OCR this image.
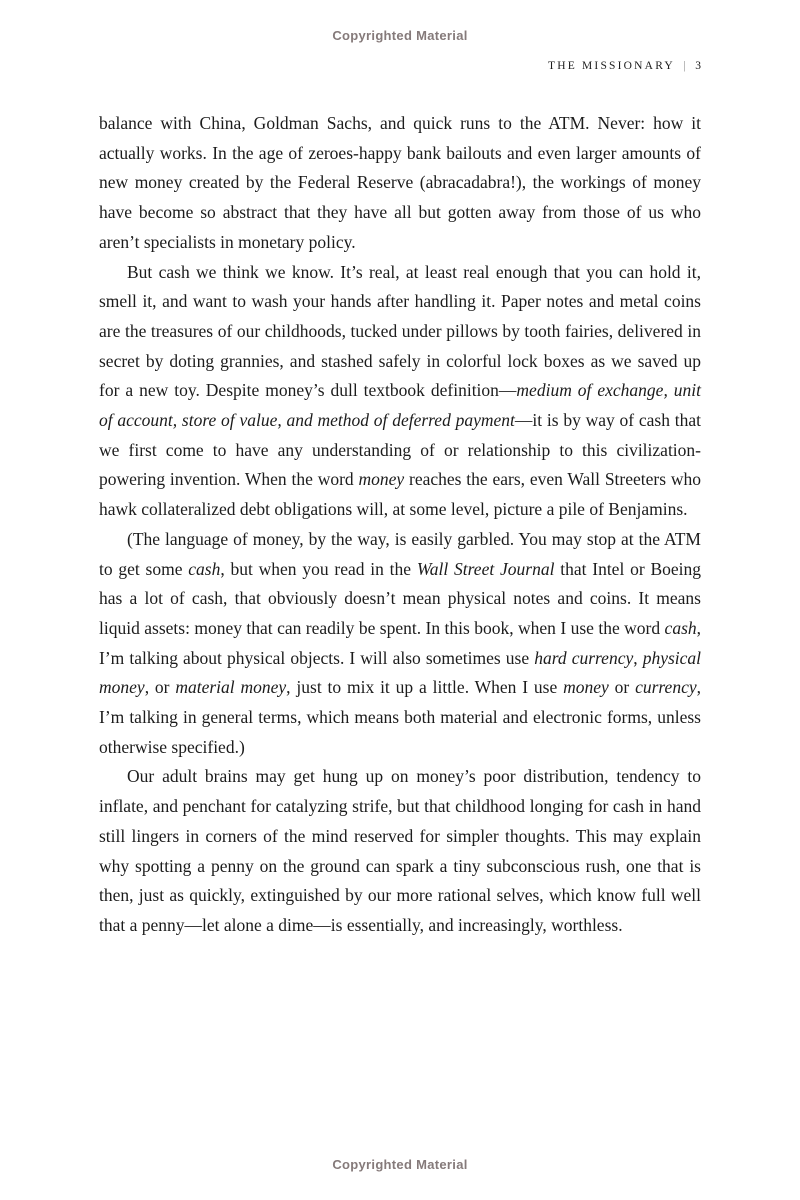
Copyrighted Material
THE MISSIONARY | 3

balance with China, Goldman Sachs, and quick runs to the ATM. Never: how it actually works. In the age of zeroes-happy bank bailouts and even larger amounts of new money created by the Federal Reserve (abracadabra!), the workings of money have become so abstract that they have all but gotten away from those of us who aren’t specialists in monetary policy.

But cash we think we know. It’s real, at least real enough that you can hold it, smell it, and want to wash your hands after handling it. Paper notes and metal coins are the treasures of our childhoods, tucked under pillows by tooth fairies, delivered in secret by doting grannies, and stashed safely in colorful lock boxes as we saved up for a new toy. Despite money’s dull textbook definition—medium of exchange, unit of account, store of value, and method of deferred payment—it is by way of cash that we first come to have any understanding of or relationship to this civilization-powering invention. When the word money reaches the ears, even Wall Streeters who hawk collateralized debt obligations will, at some level, picture a pile of Benjamins.

(The language of money, by the way, is easily garbled. You may stop at the ATM to get some cash, but when you read in the Wall Street Journal that Intel or Boeing has a lot of cash, that obviously doesn’t mean physical notes and coins. It means liquid assets: money that can readily be spent. In this book, when I use the word cash, I’m talking about physical objects. I will also sometimes use hard currency, physical money, or material money, just to mix it up a little. When I use money or currency, I’m talking in general terms, which means both material and electronic forms, unless otherwise specified.)

Our adult brains may get hung up on money’s poor distribution, tendency to inflate, and penchant for catalyzing strife, but that childhood longing for cash in hand still lingers in corners of the mind reserved for simpler thoughts. This may explain why spotting a penny on the ground can spark a tiny subconscious rush, one that is then, just as quickly, extinguished by our more rational selves, which know full well that a penny—let alone a dime—is essentially, and increasingly, worthless.

Copyrighted Material
